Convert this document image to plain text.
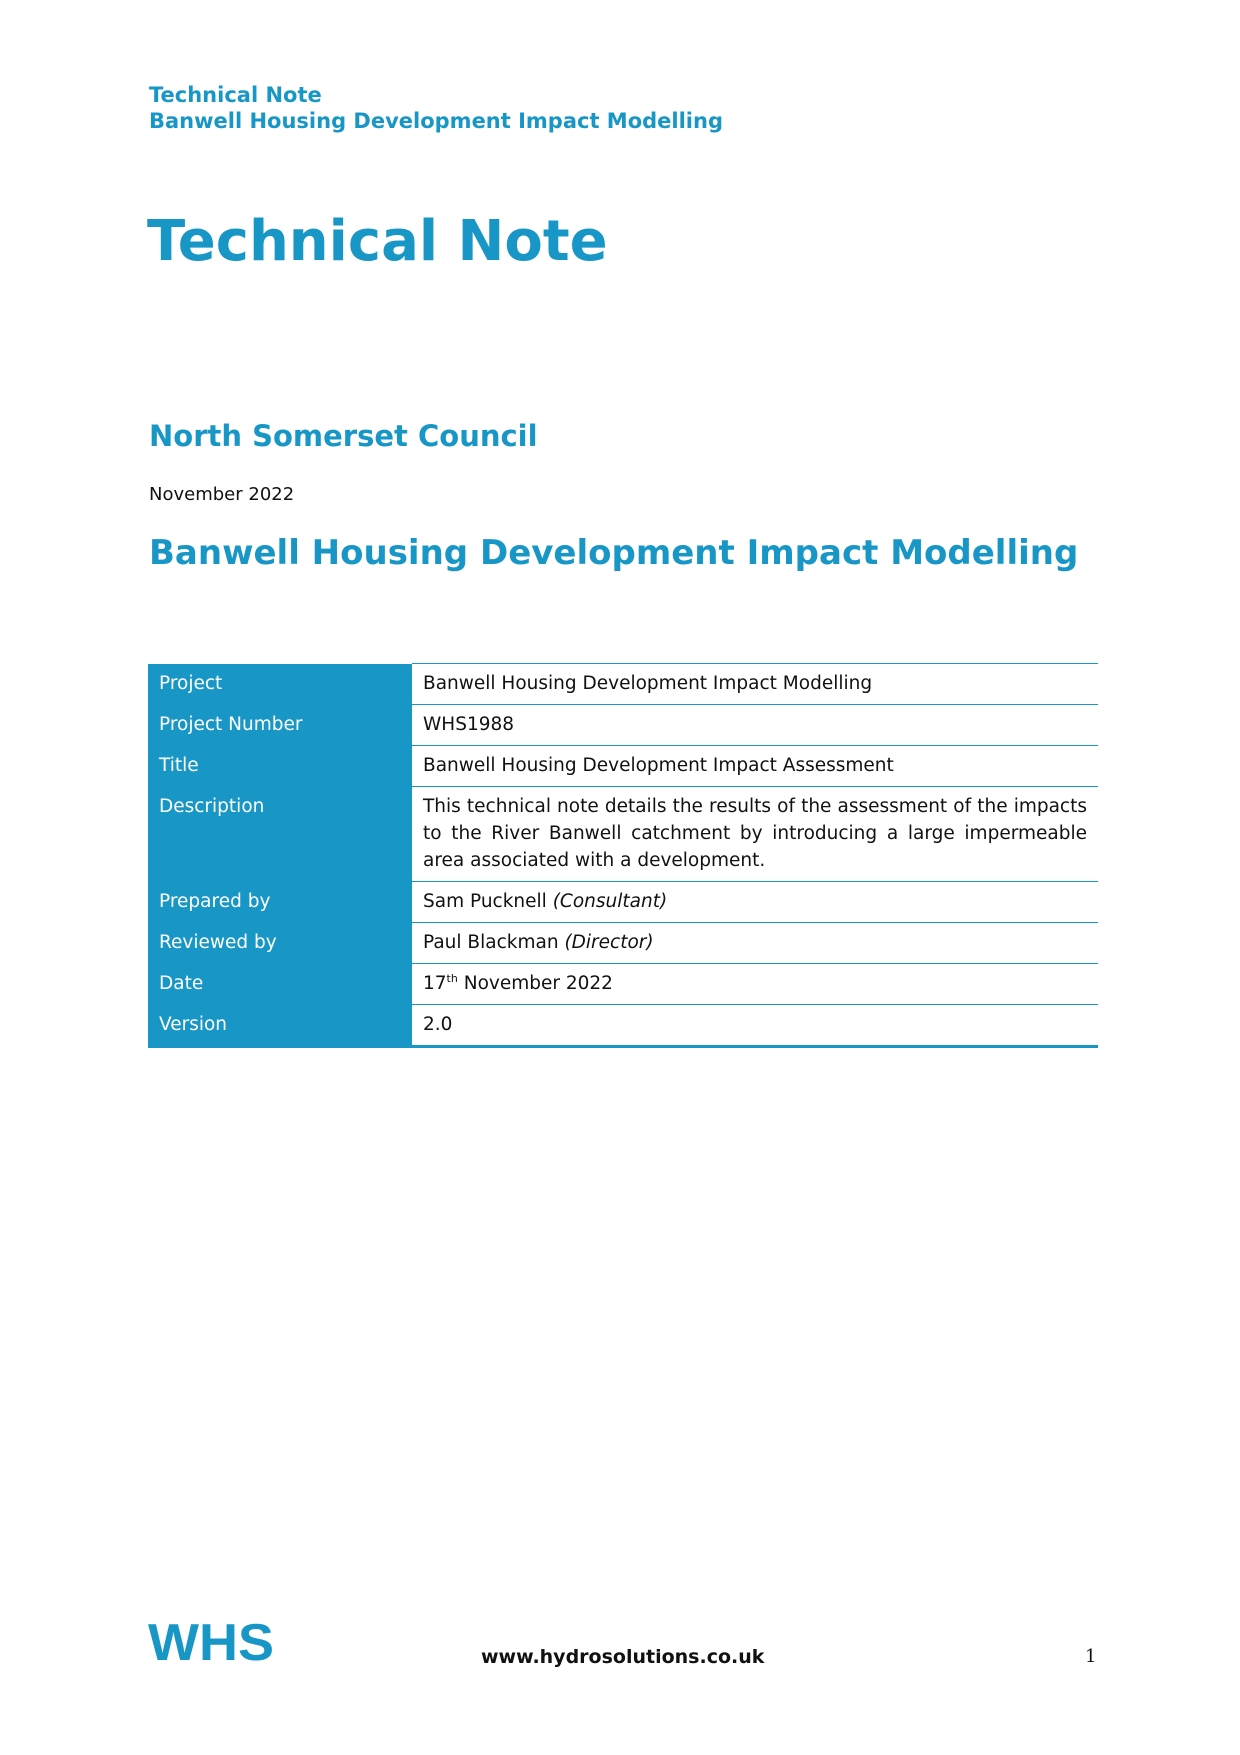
Technical Note
Banwell Housing Development Impact Modelling
Technical Note
North Somerset Council
November 2022
Banwell Housing Development Impact Modelling
Project	Banwell Housing Development Impact Modelling
Project Number	WHS1988
Title	Banwell Housing Development Impact Assessment
Description	This technical note details the results of the assessment of the impacts to the River Banwell catchment by introducing a large impermeable area associated with a development.
Prepared by	Sam Pucknell (Consultant)
Reviewed by	Paul Blackman (Director)
Date	17th November 2022
Version	2.0
WHS	www.hydrosolutions.co.uk	1
